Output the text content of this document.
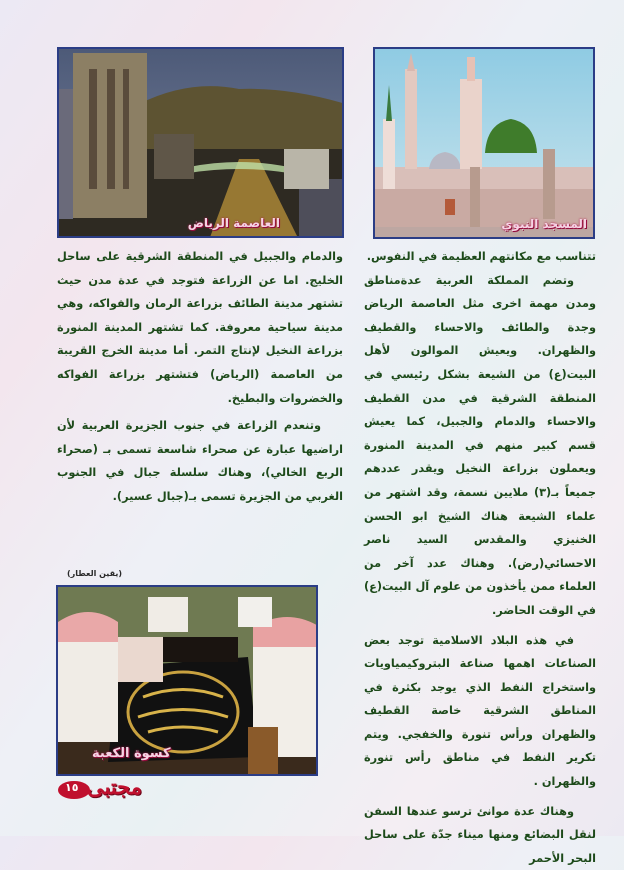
العاصمة الرياض	المسجد النبوي

تتناسب مع مكانتهم العظيمة في النفوس.

وتضم المملكة العربية عدةمناطق ومدن مهمة اخرى مثل العاصمة الرياض وجدة والطائف والاحساء والقطيف والظهران. ويعيش الموالون لأهل البيت(ع) من الشيعة بشكل رئيسي في المنطقة الشرقية في مدن القطيف والاحساء والدمام والجبيل، كما يعيش قسم كبير منهم في المدينة المنورة ويعملون بزراعة النخيل ويقدر عددهم جميعاً بـ(٣) ملايين نسمة، وقد اشتهر من علماء الشيعة هناك الشيخ ابو الحسن الخنيزي والمقدس السيد ناصر الاحسائي(رض). وهناك عدد آخر من العلماء ممن يأخذون من علوم آل البيت(ع) في الوقت الحاضر.

في هذه البلاد الاسلامية توجد بعض الصناعات اهمها صناعة البتروكيمياويات واستخراج النفط الذي يوجد بكثرة في المناطق الشرقية خاصة القطيف والظهران ورأس تنورة والخفجي. ويتم تكرير النفط في مناطق رأس تنورة والظهران .

وهناك عدة موانئ ترسو عندها السفن لنقل البضائع ومنها ميناء جدّة على ساحل البحر الأحمر

والدمام والجبيل في المنطقة الشرقية على ساحل الخليج. اما عن الزراعة فتوجد في عدة مدن حيث تشتهر مدينة الطائف بزراعة الرمان والفواكه، وهي مدينة سياحية معروفة. كما تشتهر المدينة المنورة بزراعة النخيل لإنتاج التمر. أما مدينة الخرج القريبة من العاصمة (الرياض) فتشتهر بزراعة الفواكه والخضروات والبطيخ.

وتنعدم الزراعة في جنوب الجزيرة العربية لأن اراضيها عبارة عن صحراء شاسعة تسمى بـ (صحراء الربع الخالي)، وهناك سلسلة جبال في الجنوب الغربي من الجزيرة تسمى بـ(جبال عسير).

(يقين العطار)
كسوة الكعبة
١٥ مجتبى
